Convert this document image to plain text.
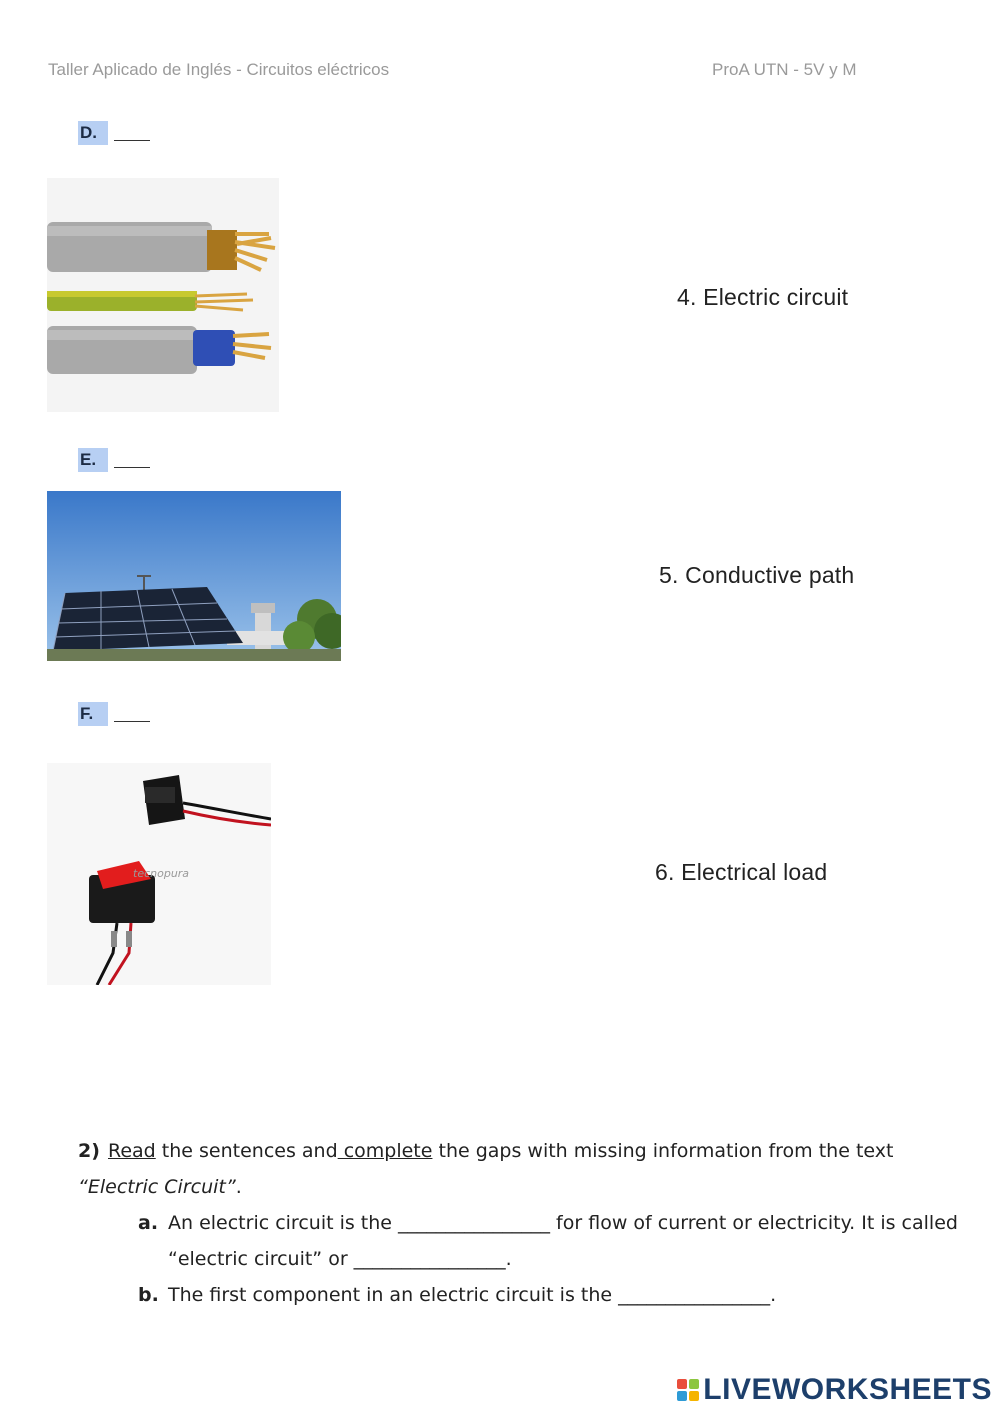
Taller Aplicado de Inglés - Circuitos eléctricos	ProA UTN - 5V y M
D.
4. Electric circuit
E.
5. Conductive path
F.
tecnopura	6. Electrical load
2) Read the sentences and complete the gaps with missing information from the text “Electric Circuit”.
a. An electric circuit is the ________________ for flow of current or electricity. It is called “electric circuit” or ________________.
b. The first component in an electric circuit is the ________________.
LIVEWORKSHEETS
